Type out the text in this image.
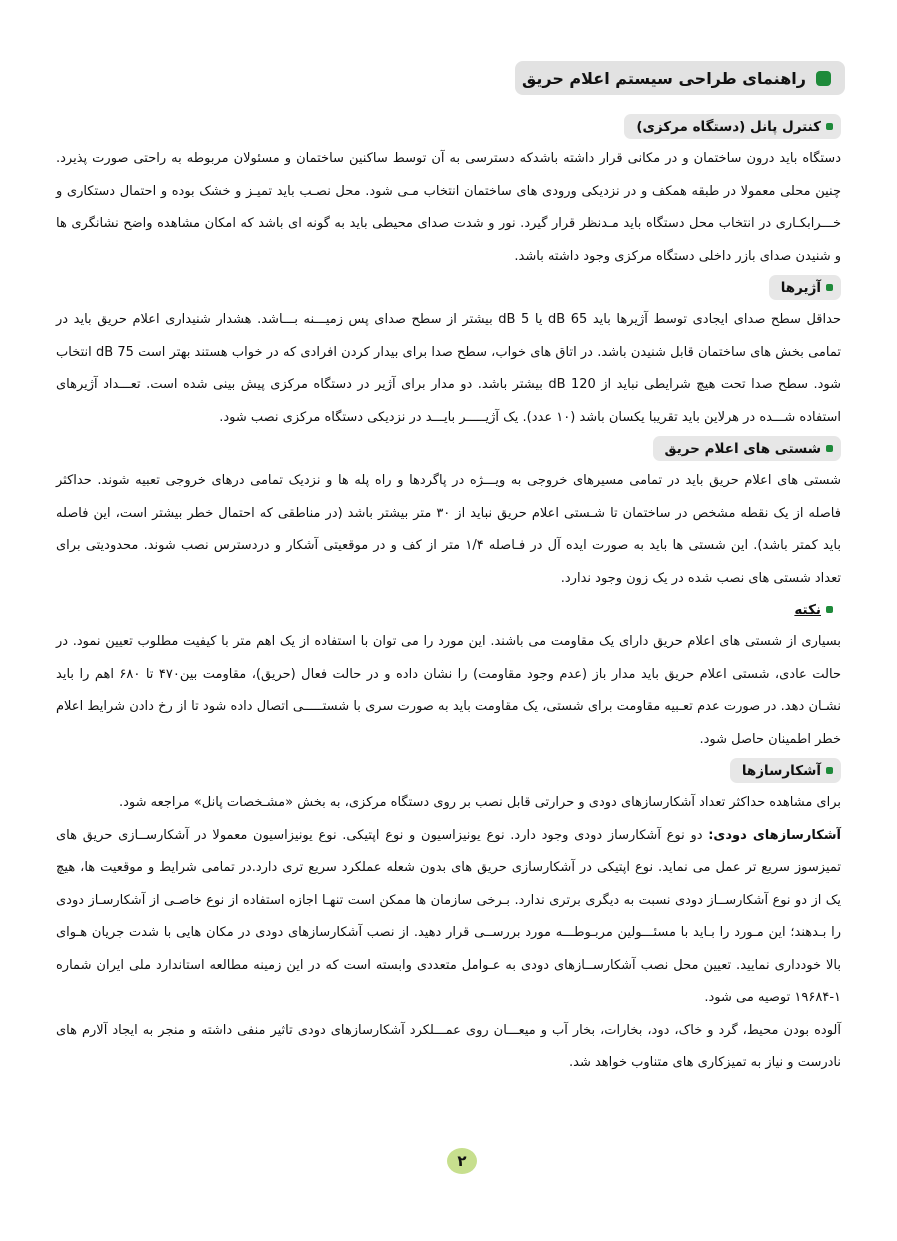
راهنمای طراحی سیستم اعلام حریق
کنترل پانل (دستگاه مرکزی)

دستگاه باید درون ساختمان و در مکانی قرار داشته باشدکه دسترسی به آن توسط ساکنین ساختمان و مسئولان مربوطه به راحتی صورت پذیرد. چنین محلی معمولا در طبقه همکف و در نزدیکی ورودی های ساختمان انتخاب مـی شود. محل نصـب باید تمیـز و خشک بوده و احتمال دستکاری و خـــرابکـاری در انتخاب محل دستگاه باید مـدنظر قرار گیرد. نور و شدت صدای محیطی باید به گونه ای باشد که امکان مشاهده واضح نشانگری ها و شنیدن صدای بازر داخلی دستگاه مرکزی وجود داشته باشد.

آژیرها

حداقل سطح صدای ایجادی توسط آژیرها باید 65 dB یا 5 dB بیشتر از سطح صدای پس زمیـــنه بـــاشد. هشدار شنیداری اعلام حریق باید در تمامی بخش های ساختمان قابل شنیدن باشد. در اتاق های خواب، سطح صدا برای بیدار کردن افرادی که در خواب هستند بهتر است 75 dB انتخاب شود. سطح صدا تحت هیچ شرایطی نباید از 120 dB بیشتر باشد. دو مدار برای آژیر در دستگاه مرکزی پیش بینی شده است. تعـــداد آژیرهای استفاده شـــده در هرلاین باید تقریبا یکسان باشد (۱۰ عدد). یک آژیـــــر بایـــد در نزدیکی دستگاه مرکزی نصب شود.

شستی های اعلام حریق

شستی های اعلام حریق باید در تمامی مسیرهای خروجی به ویـــژه در پاگردها و راه پله ها و نزدیک تمامی درهای خروجی تعبیه شوند. حداکثر فاصله از یک نقطه مشخص در ساختمان تا شـستی اعلام حریق نباید از ۳۰ متر بیشتر باشد (در مناطقی که احتمال خطر بیشتر است، این فاصله باید کمتر باشد). این شستی ها باید به صورت ایده آل در فـاصله ۱/۴ متر از کف و در موقعیتی آشکار و دردسترس نصب شوند. محدودیتی برای تعداد شستی های نصب شده در یک زون وجود ندارد.

نکته

بسیاری از شستی های اعلام حریق دارای یک مقاومت می باشند. این مورد را می توان با استفاده از یک اهم متر با کیفیت مطلوب تعیین نمود. در حالت عادی، شستی اعلام حریق باید مدار باز (عدم وجود مقاومت) را نشان داده و در حالت فعال (حریق)، مقاومت بین۴۷۰ تا ۶۸۰ اهم را باید نشـان دهد. در صورت عدم تعـبیه مقاومت برای شستی، یک مقاومت باید به صورت سری با شستـــــی اتصال داده شود تا از رخ دادن شرایط اعلام خطر اطمینان حاصل شود.

آشکارسازها

برای مشاهده حداکثر تعداد آشکارسازهای دودی و حرارتی قابل نصب بر روی دستگاه مرکزی، به بخش «مشـخصات پانل» مراجعه شود.

آشکارسازهای دودی: دو نوع آشکارساز دودی وجود دارد. نوع یونیزاسیون و نوع اپتیکی. نوع یونیزاسیون معمولا در آشکارســازی حریق های تمیزسوز سریع تر عمل می نماید. نوع اپتیکی در آشکارسازی حریق های بدون شعله عملکرد سریع تری دارد.در تمامی شرایط و موقعیت ها، هیچ یک از دو نوع آشکارســاز دودی نسبت به دیگری برتری ندارد. بـرخی سازمان ها ممکن است تنهـا اجازه استفاده از نوع خاصـی از آشکارسـاز دودی را بـدهند؛ این مـورد را بـاید با مسئـــولین مربـوطـــه مورد بررســی قرار دهید. از نصب آشکارسازهای دودی در مکان هایی با شدت جریان هـوای بالا خودداری نمایید. تعیین محل نصب آشکارســازهای دودی به عـوامل متعددی وابسته است که در این زمینه مطالعه استاندارد ملی ایران شماره ۱-۱۹۶۸۴ توصیه می شود.

آلوده بودن محیط، گرد و خاک، دود، بخارات، بخار آب و میعـــان روی عمـــلکرد آشکارسازهای دودی تاثیر منفی داشته و منجر به ایجاد آلارم های نادرست و نیاز به تمیزکاری های متناوب خواهد شد.

۲
